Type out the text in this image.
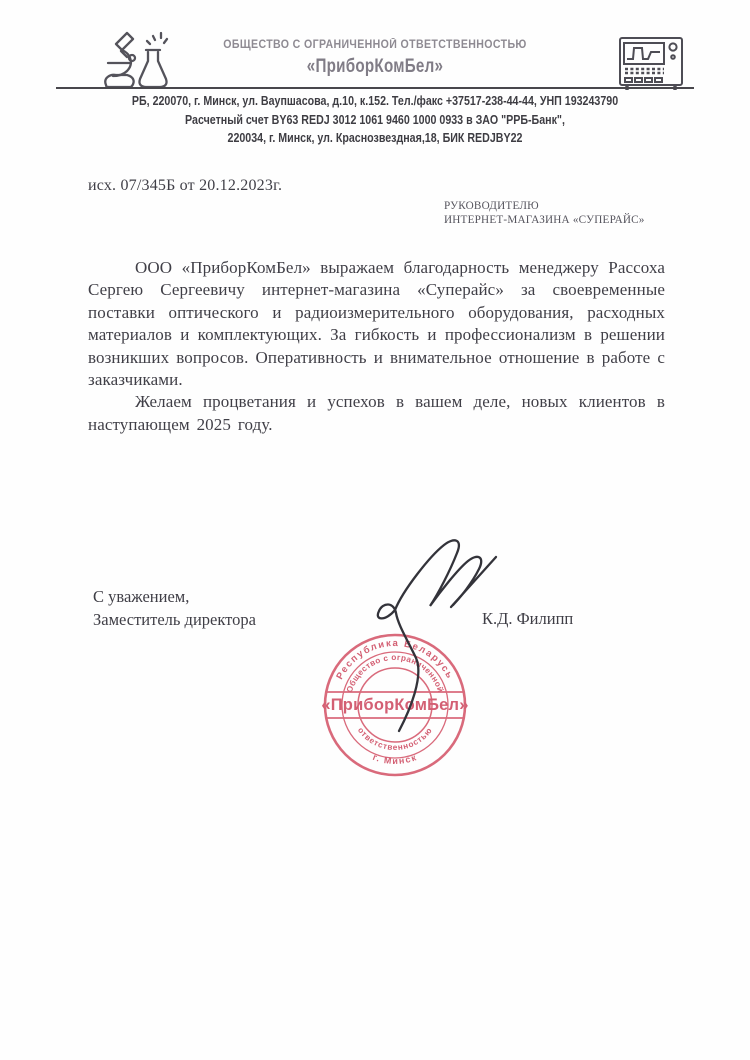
ОБЩЕСТВО С ОГРАНИЧЕННОЙ ОТВЕТСТВЕННОСТЬЮ
«ПриборКомБел»
РБ, 220070, г. Минск, ул. Ваупшасова, д.10, к.152. Тел./факс +37517-238-44-44, УНП 193243790
Расчетный счет BY63 REDJ 3012 1061 9460 1000 0933 в ЗАО "РРБ-Банк",
220034, г. Минск, ул. Краснозвездная,18, БИК REDJBY22
исх. 07/345Б от 20.12.2023г.
РУКОВОДИТЕЛЮ
ИНТЕРНЕТ-МАГАЗИНА «СУПЕРАЙС»

ООО «ПриборКомБел» выражаем благодарность менеджеру Рассоха Сергею Сергеевичу интернет-магазина «Суперайс» за своевременные поставки оптического и радиоизмерительного оборудования, расходных материалов и комплектующих. За гибкость и профессионализм в решении возникших вопросов. Оперативность и внимательное отношение в работе с заказчиками.

Желаем процветания и успехов в вашем деле, новых клиентов в наступающем 2025 году.

С уважением,
Заместитель директора	К.Д. Филипп
Республика Беларусь
Общество с ограниченной
ответственностью
г. Минск
«ПриборКомБел»
